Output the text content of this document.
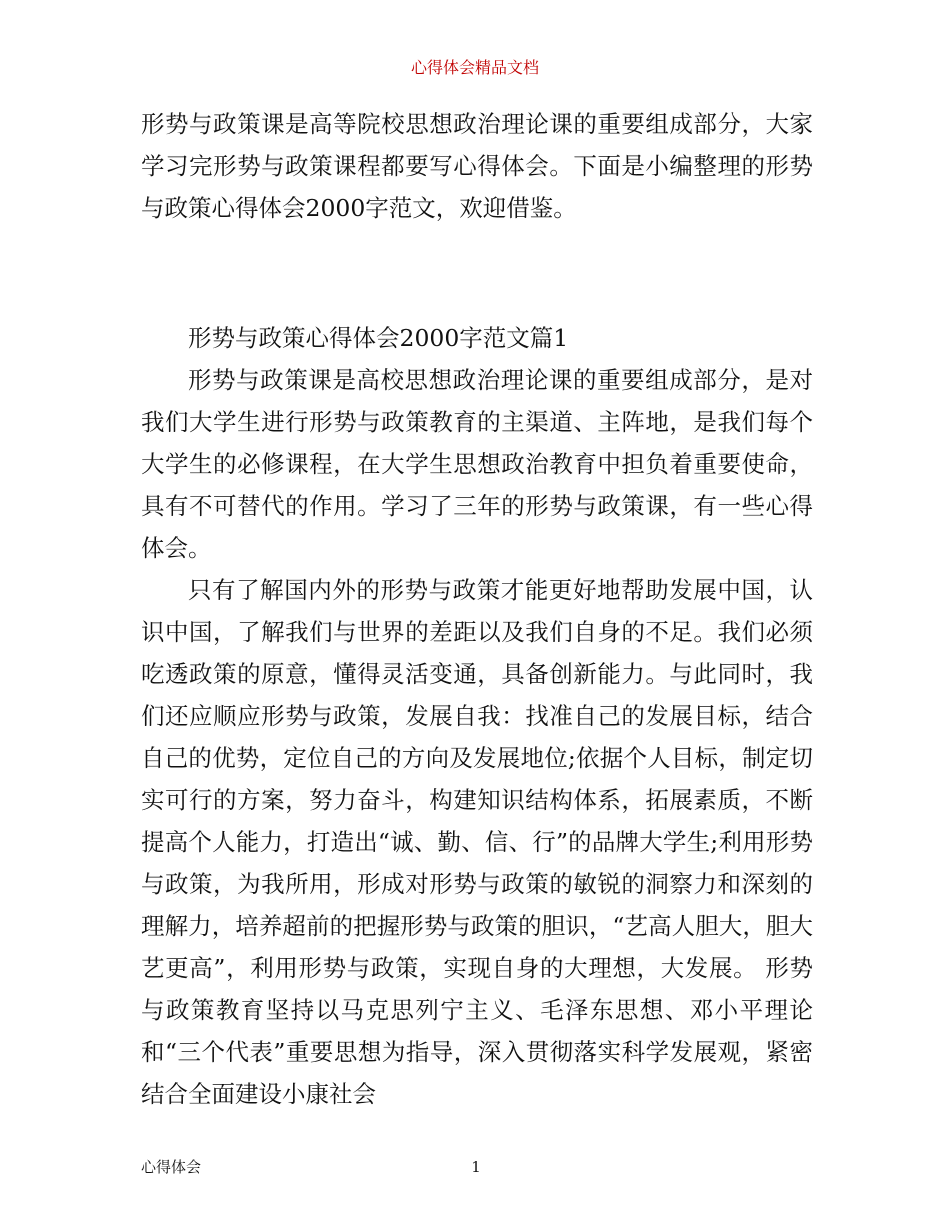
心得体会精品文档

形势与政策课是高等院校思想政治理论课的重要组成部分，大家学习完形势与政策课程都要写心得体会。下面是小编整理的形势与政策心得体会2000字范文，欢迎借鉴。

形势与政策心得体会2000字范文篇1

形势与政策课是高校思想政治理论课的重要组成部分，是对我们大学生进行形势与政策教育的主渠道、主阵地，是我们每个大学生的必修课程，在大学生思想政治教育中担负着重要使命，具有不可替代的作用。学习了三年的形势与政策课，有一些心得体会。

只有了解国内外的形势与政策才能更好地帮助发展中国，认识中国，了解我们与世界的差距以及我们自身的不足。我们必须吃透政策的原意，懂得灵活变通，具备创新能力。与此同时，我们还应顺应形势与政策，发展自我：找准自己的发展目标，结合自己的优势，定位自己的方向及发展地位;依据个人目标，制定切实可行的方案，努力奋斗，构建知识结构体系，拓展素质，不断提高个人能力，打造出“诚、勤、信、行”的品牌大学生;利用形势与政策，为我所用，形成对形势与政策的敏锐的洞察力和深刻的理解力，培养超前的把握形势与政策的胆识，“艺高人胆大，胆大艺更高”，利用形势与政策，实现自身的大理想，大发展。 形势与政策教育坚持以马克思列宁主义、毛泽东思想、邓小平理论和“三个代表”重要思想为指导，深入贯彻落实科学发展观，紧密结合全面建设小康社会

心得体会	1
